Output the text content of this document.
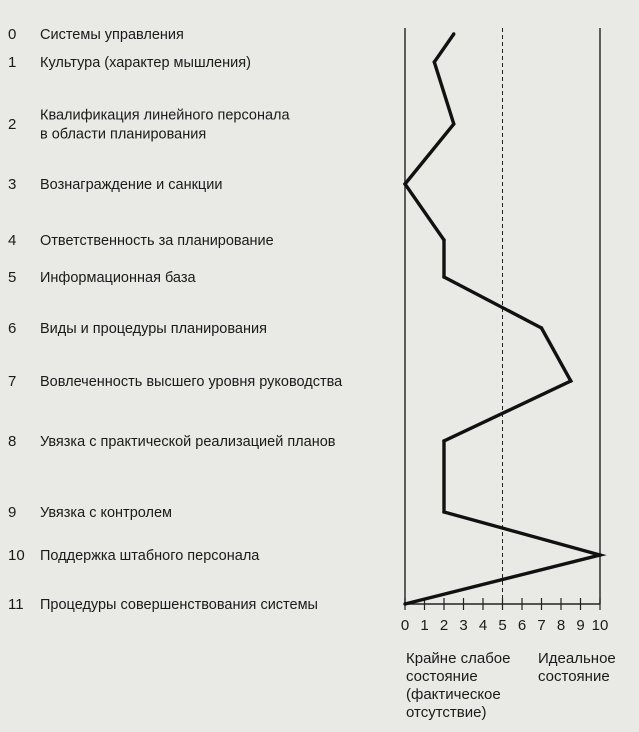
0 1 2 3 4 5 6 7 8 9 10
0 Системы управления
1 Культура (характер мышления)
2
Квалификация линейного персонала
в области планирования
3 Вознаграждение и санкции
4 Ответственность за планирование
5 Информационная база
6 Виды и процедуры планирования
7 Вовлеченность высшего уровня руководства
8 Увязка с практической реализацией планов
9 Увязка с контролем
10 Поддержка штабного персонала
11 Процедуры совершенствования системы
Крайне слабое
состояние
(фактическое
отсутствие)
Идеальное
состояние
